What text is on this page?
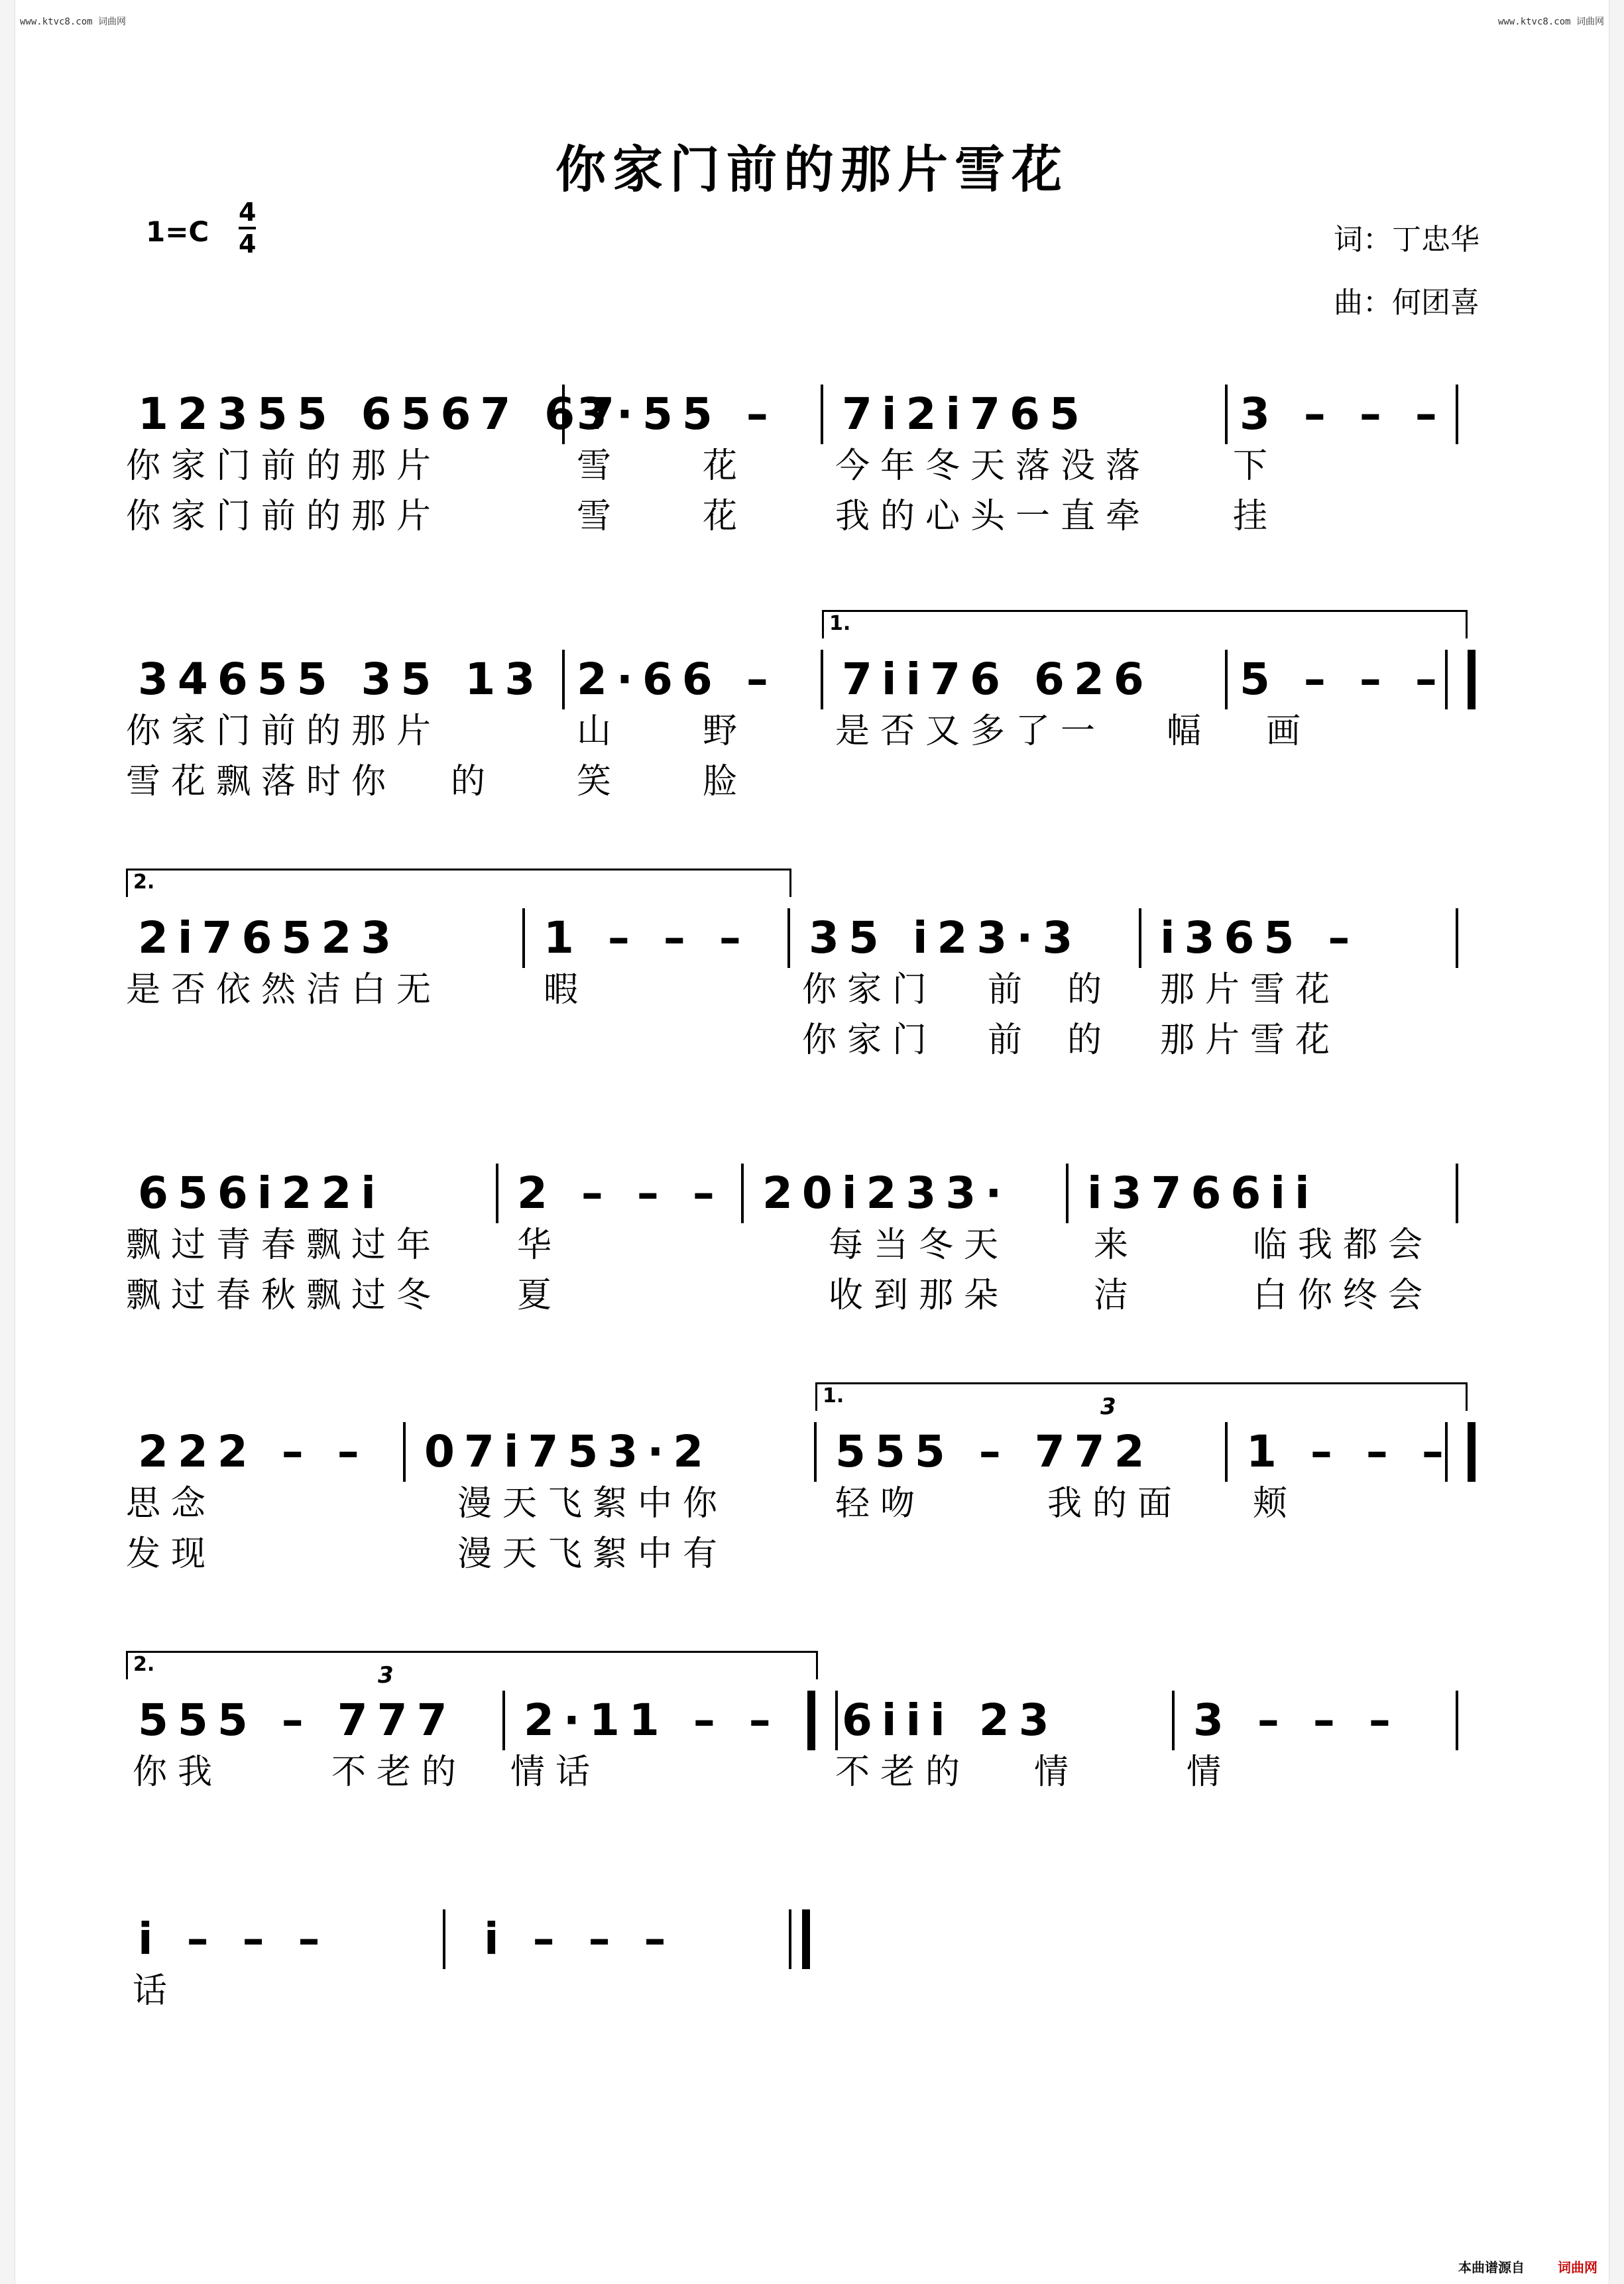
www.ktvc8.com 词曲网	www.ktvc8.com 词曲网
你家门前的那片雪花
1=C
4
4	词：丁忠华
曲：何团喜
12355 6567 67
3·55 – 7i2i765	3 – – –
你家门前的那片	雪 花	今年冬天落没落 下
你家门前的那片	雪 花	我的心头一直牵 挂
34655 35 13 2·66 –
1.
7ii76 626 5 – – –
你家门前的那片	山 野	是否又多了一 幅 画
雪花飘落时你 的 笑 脸
2.
2i76523	1 – – – 35 i23·3 i365 –
是否依然洁白无	暇	你家门 前 的 那片雪花
你家门 前 的 那片雪花
656i22i	2 – – – 20i233· i3766ii
飘过青春飘过年 华	每当冬天 来	临我都会
飘过春秋飘过冬 夏	收到那朵 洁	白你终会
222 – – 07i753·2
1.
555 – 772
3
1 – – –
思念	漫天飞絮中你	轻吻	我的面 颊
发现	漫天飞絮中有
2.
555 – 777
3
2·11 – – 6iii 23	3 – – –
你我	不老的 情话	不老的 情	情
i – – –	i – – –
话
本曲谱源自	词曲网
